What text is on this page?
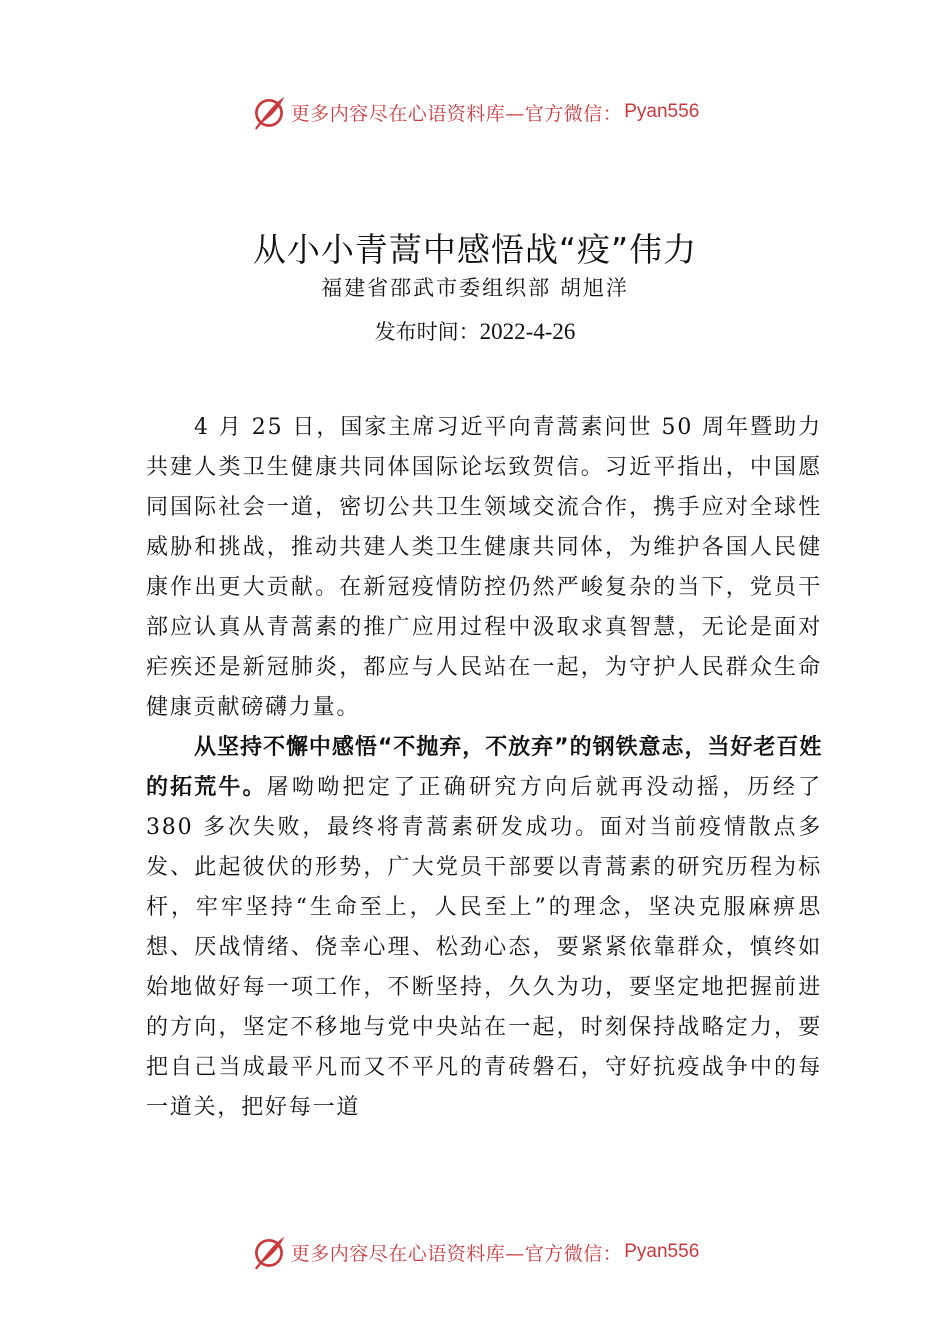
更多内容尽在心语资料库—官方微信： Pyan556
从小小青蒿中感悟战“疫”伟力
福建省邵武市委组织部 胡旭洋
发布时间：2022-4-26

4 月 25 日，国家主席习近平向青蒿素问世 50 周年暨助力共建人类卫生健康共同体国际论坛致贺信。习近平指出，中国愿同国际社会一道，密切公共卫生领域交流合作，携手应对全球性威胁和挑战，推动共建人类卫生健康共同体，为维护各国人民健康作出更大贡献。在新冠疫情防控仍然严峻复杂的当下，党员干部应认真从青蒿素的推广应用过程中汲取求真智慧，无论是面对疟疾还是新冠肺炎，都应与人民站在一起，为守护人民群众生命健康贡献磅礴力量。

从坚持不懈中感悟“不抛弃，不放弃”的钢铁意志，当好老百姓的拓荒牛。屠呦呦把定了正确研究方向后就再没动摇，历经了 380 多次失败，最终将青蒿素研发成功。面对当前疫情散点多发、此起彼伏的形势，广大党员干部要以青蒿素的研究历程为标杆，牢牢坚持“生命至上，人民至上”的理念，坚决克服麻痹思想、厌战情绪、侥幸心理、松劲心态，要紧紧依靠群众，慎终如始地做好每一项工作，不断坚持，久久为功，要坚定地把握前进的方向，坚定不移地与党中央站在一起，时刻保持战略定力，要把自己当成最平凡而又不平凡的青砖磐石，守好抗疫战争中的每一道关，把好每一道

更多内容尽在心语资料库—官方微信： Pyan556
